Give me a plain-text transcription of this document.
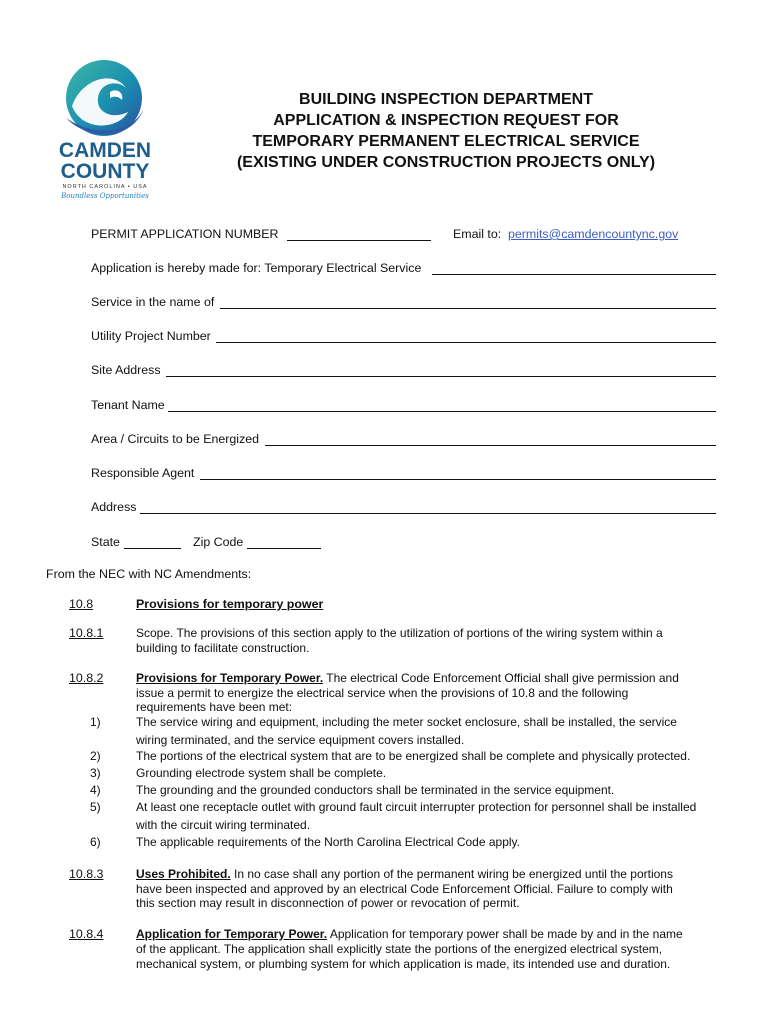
CAMDEN
COUNTY
NORTH CAROLINA • USA
Boundless Opportunities
BUILDING INSPECTION DEPARTMENT
APPLICATION & INSPECTION REQUEST FOR
TEMPORARY PERMANENT ELECTRICAL SERVICE
(EXISTING UNDER CONSTRUCTION PROJECTS ONLY)
PERMIT APPLICATION NUMBER	Email to: permits@camdencountync.gov
Application is hereby made for: Temporary Electrical Service
Service in the name of
Utility Project Number
Site Address
Tenant Name
Area / Circuits to be Energized
Responsible Agent
Address
State	Zip Code
From the NEC with NC Amendments:
10.8	Provisions for temporary power
10.8.1	Scope. The provisions of this section apply to the utilization of portions of the wiring system within a
building to facilitate construction.
10.8.2	Provisions for Temporary Power. The electrical Code Enforcement Official shall give permission and
issue a permit to energize the electrical service when the provisions of 10.8 and the following
requirements have been met:
1)	The service wiring and equipment, including the meter socket enclosure, shall be installed, the service
wiring terminated, and the service equipment covers installed.
2)	The portions of the electrical system that are to be energized shall be complete and physically protected.
3)	Grounding electrode system shall be complete.
4)	The grounding and the grounded conductors shall be terminated in the service equipment.
5)	At least one receptacle outlet with ground fault circuit interrupter protection for personnel shall be installed
with the circuit wiring terminated.
6)	The applicable requirements of the North Carolina Electrical Code apply.
10.8.3	Uses Prohibited. In no case shall any portion of the permanent wiring be energized until the portions
have been inspected and approved by an electrical Code Enforcement Official. Failure to comply with
this section may result in disconnection of power or revocation of permit.
10.8.4	Application for Temporary Power. Application for temporary power shall be made by and in the name
of the applicant. The application shall explicitly state the portions of the energized electrical system,
mechanical system, or plumbing system for which application is made, its intended use and duration.
